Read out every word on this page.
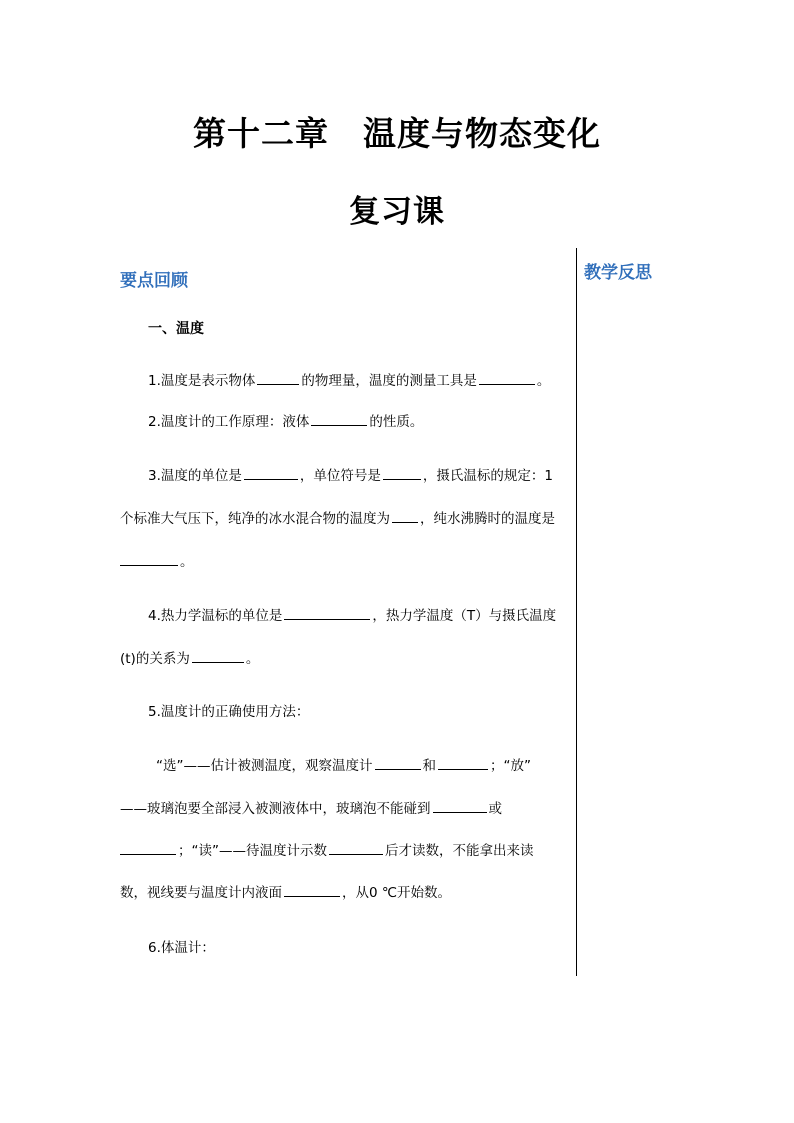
第十二章　温度与物态变化
复习课
要点回顾	教学反思
一、温度
1.温度是表示物体	的物理量，温度的测量工具是	。
2.温度计的工作原理：液体	的性质。
3.温度的单位是	，单位符号是	，摄氏温标的规定：1
个标准大气压下，纯净的冰水混合物的温度为 ，纯水沸腾时的温度是
。
4.热力学温标的单位是	，热力学温度（T）与摄氏温度
(t)的关系为	。
5.温度计的正确使用方法：
“选”——估计被测温度，观察温度计	和	；“放”
——玻璃泡要全部浸入被测液体中，玻璃泡不能碰到	或
；“读”——待温度计示数	后才读数，不能拿出来读
数，视线要与温度计内液面	，从0 ℃开始数。
6.体温计：
